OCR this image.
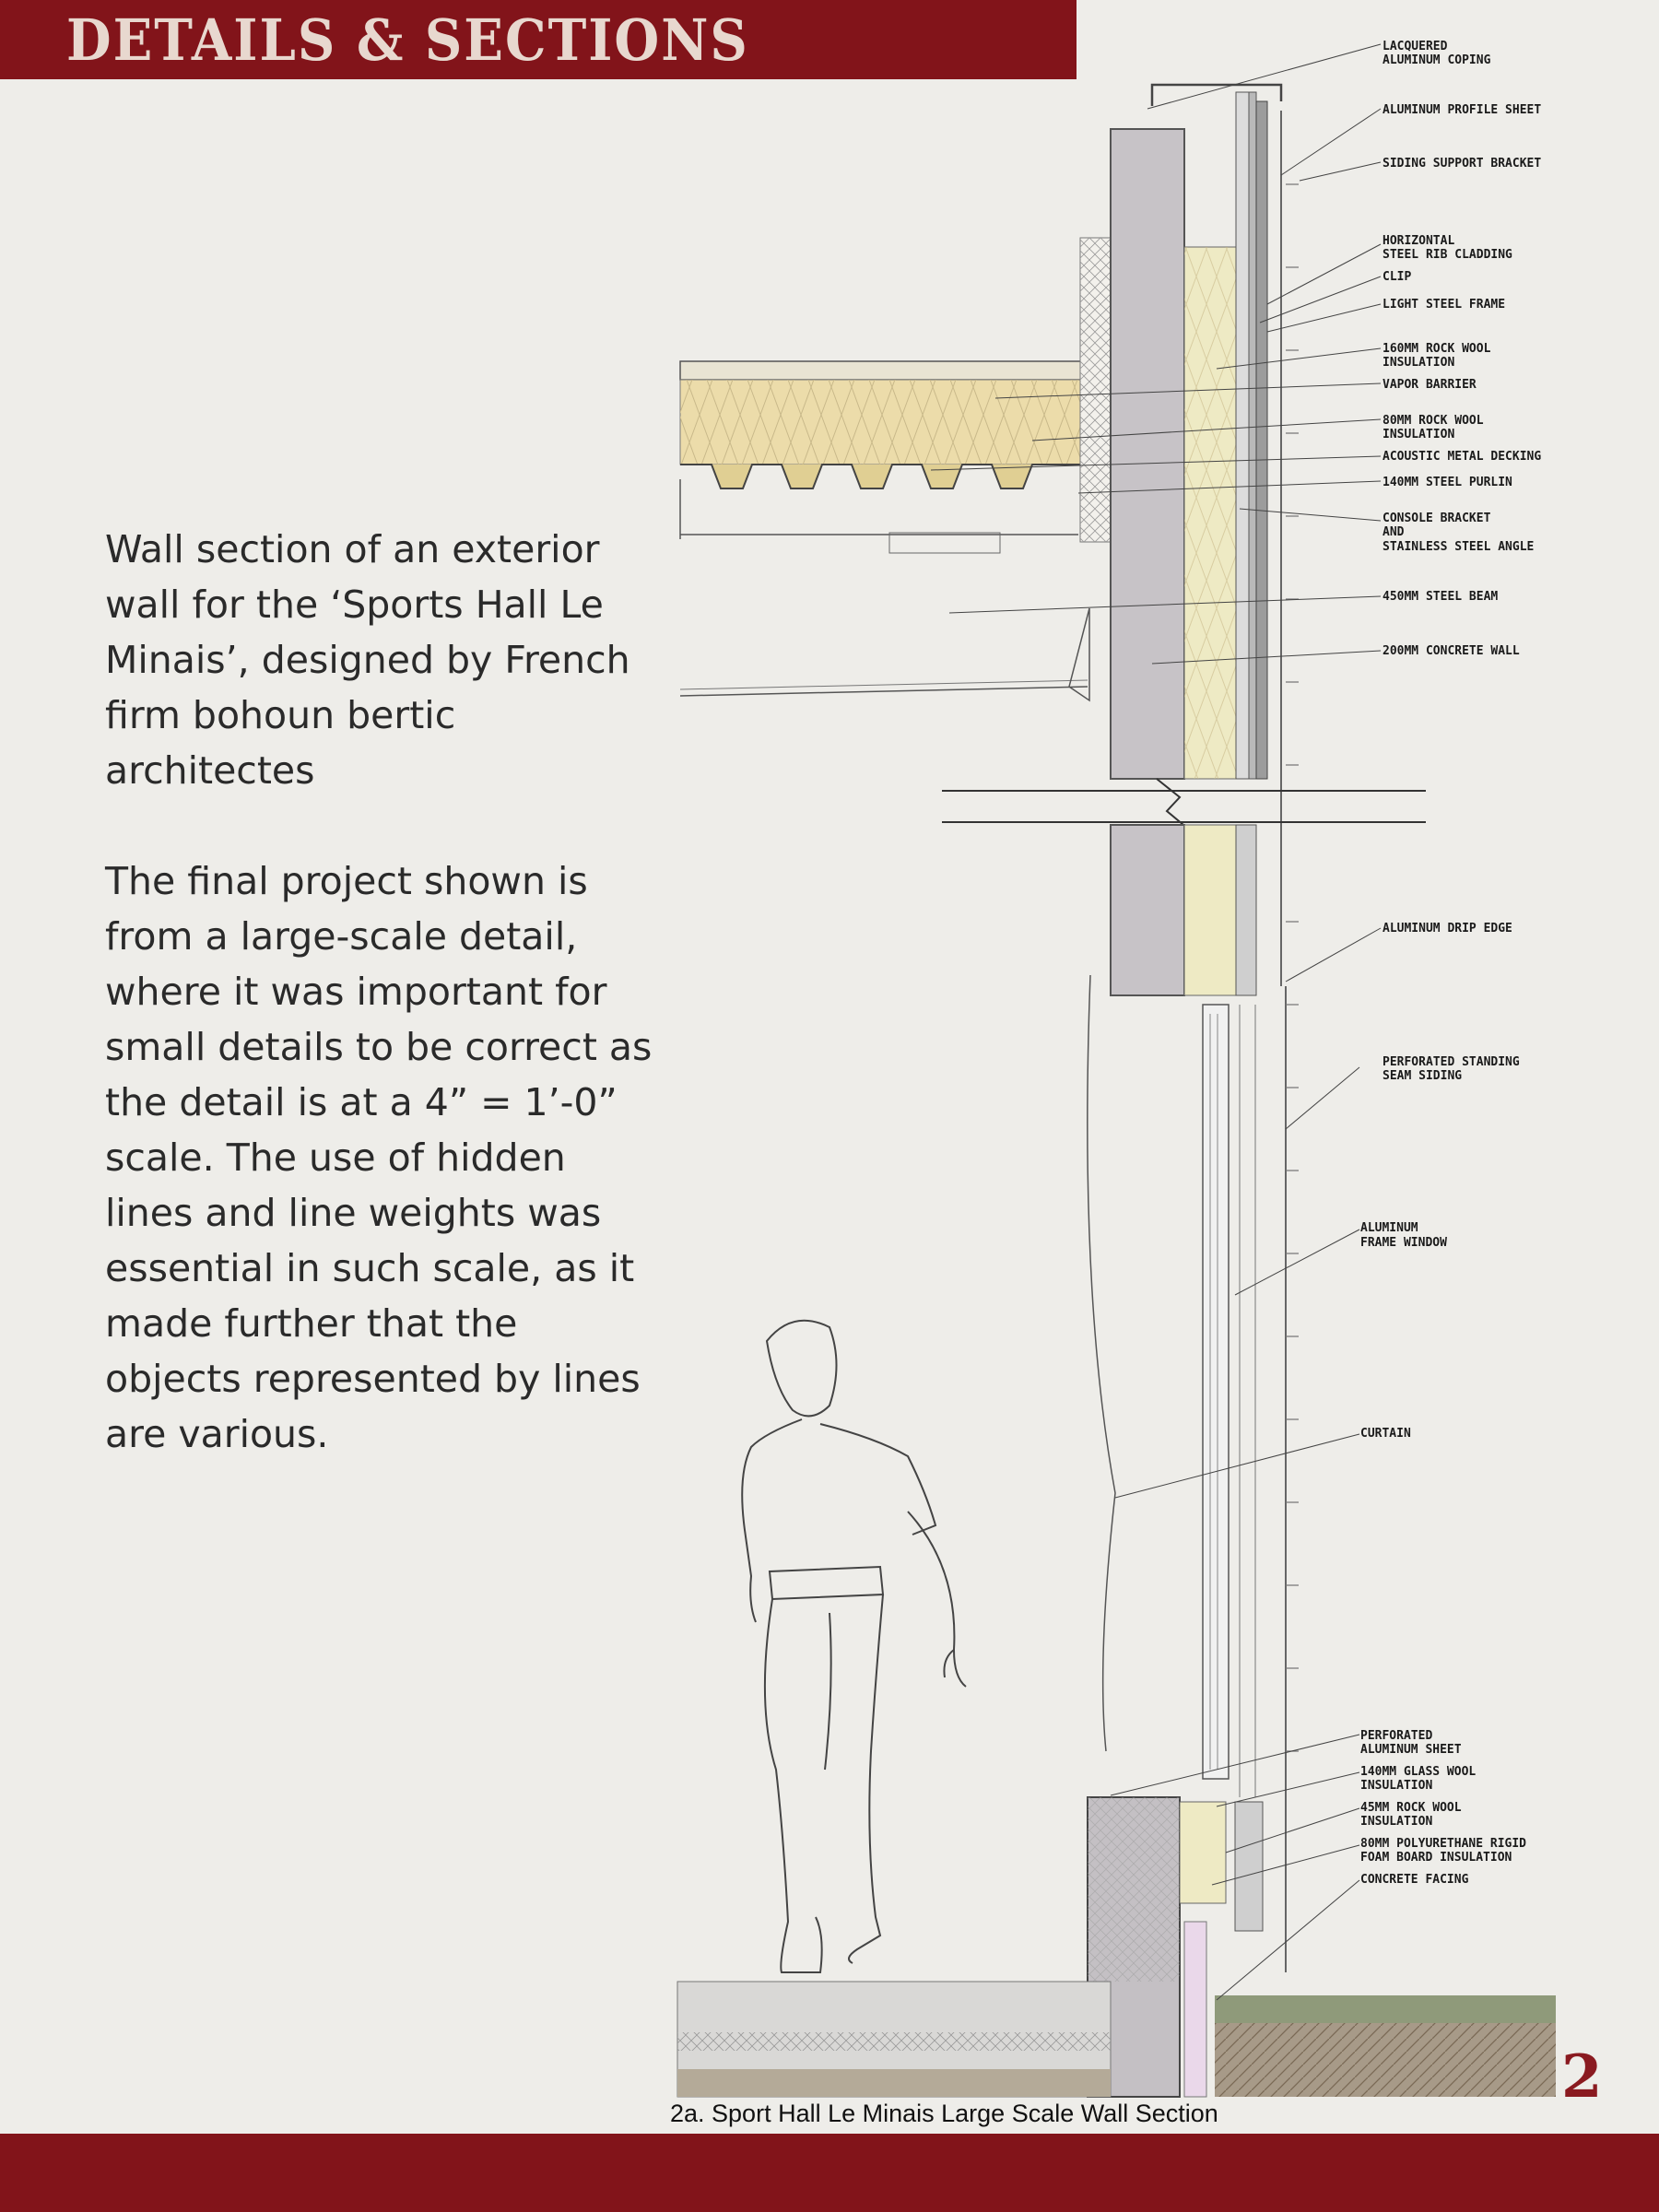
DETAILS & SECTIONS

Wall section of an exterior wall for the ‘Sports Hall Le Minais’, designed by French firm bohoun bertic architectes

The final project shown is from a large-scale detail, where it was important for small details to be correct as the detail is at a 4” = 1’-0” scale. The use of hidden lines and line weights was essential in such scale, as it made further that the objects represented by lines are various.

LACQUERED ALUMINUM COPING
ALUMINUM PROFILE SHEET
SIDING SUPPORT BRACKET
HORIZONTAL STEEL RIB CLADDING
CLIP
LIGHT STEEL FRAME
160MM ROCK WOOL INSULATION
VAPOR BARRIER
80MM ROCK WOOL INSULATION
ACOUSTIC METAL DECKING
140MM STEEL PURLIN
CONSOLE BRACKET AND STAINLESS STEEL ANGLE
450MM STEEL BEAM
200MM CONCRETE WALL
ALUMINUM DRIP EDGE
PERFORATED STANDING SEAM SIDING
ALUMINUM FRAME WINDOW
CURTAIN
PERFORATED ALUMINUM SHEET
140MM GLASS WOOL INSULATION
45MM ROCK WOOL INSULATION
80MM POLYURETHANE RIGID FOAM BOARD INSULATION
CONCRETE FACING
2a. Sport Hall Le Minais Large Scale Wall Section
2
